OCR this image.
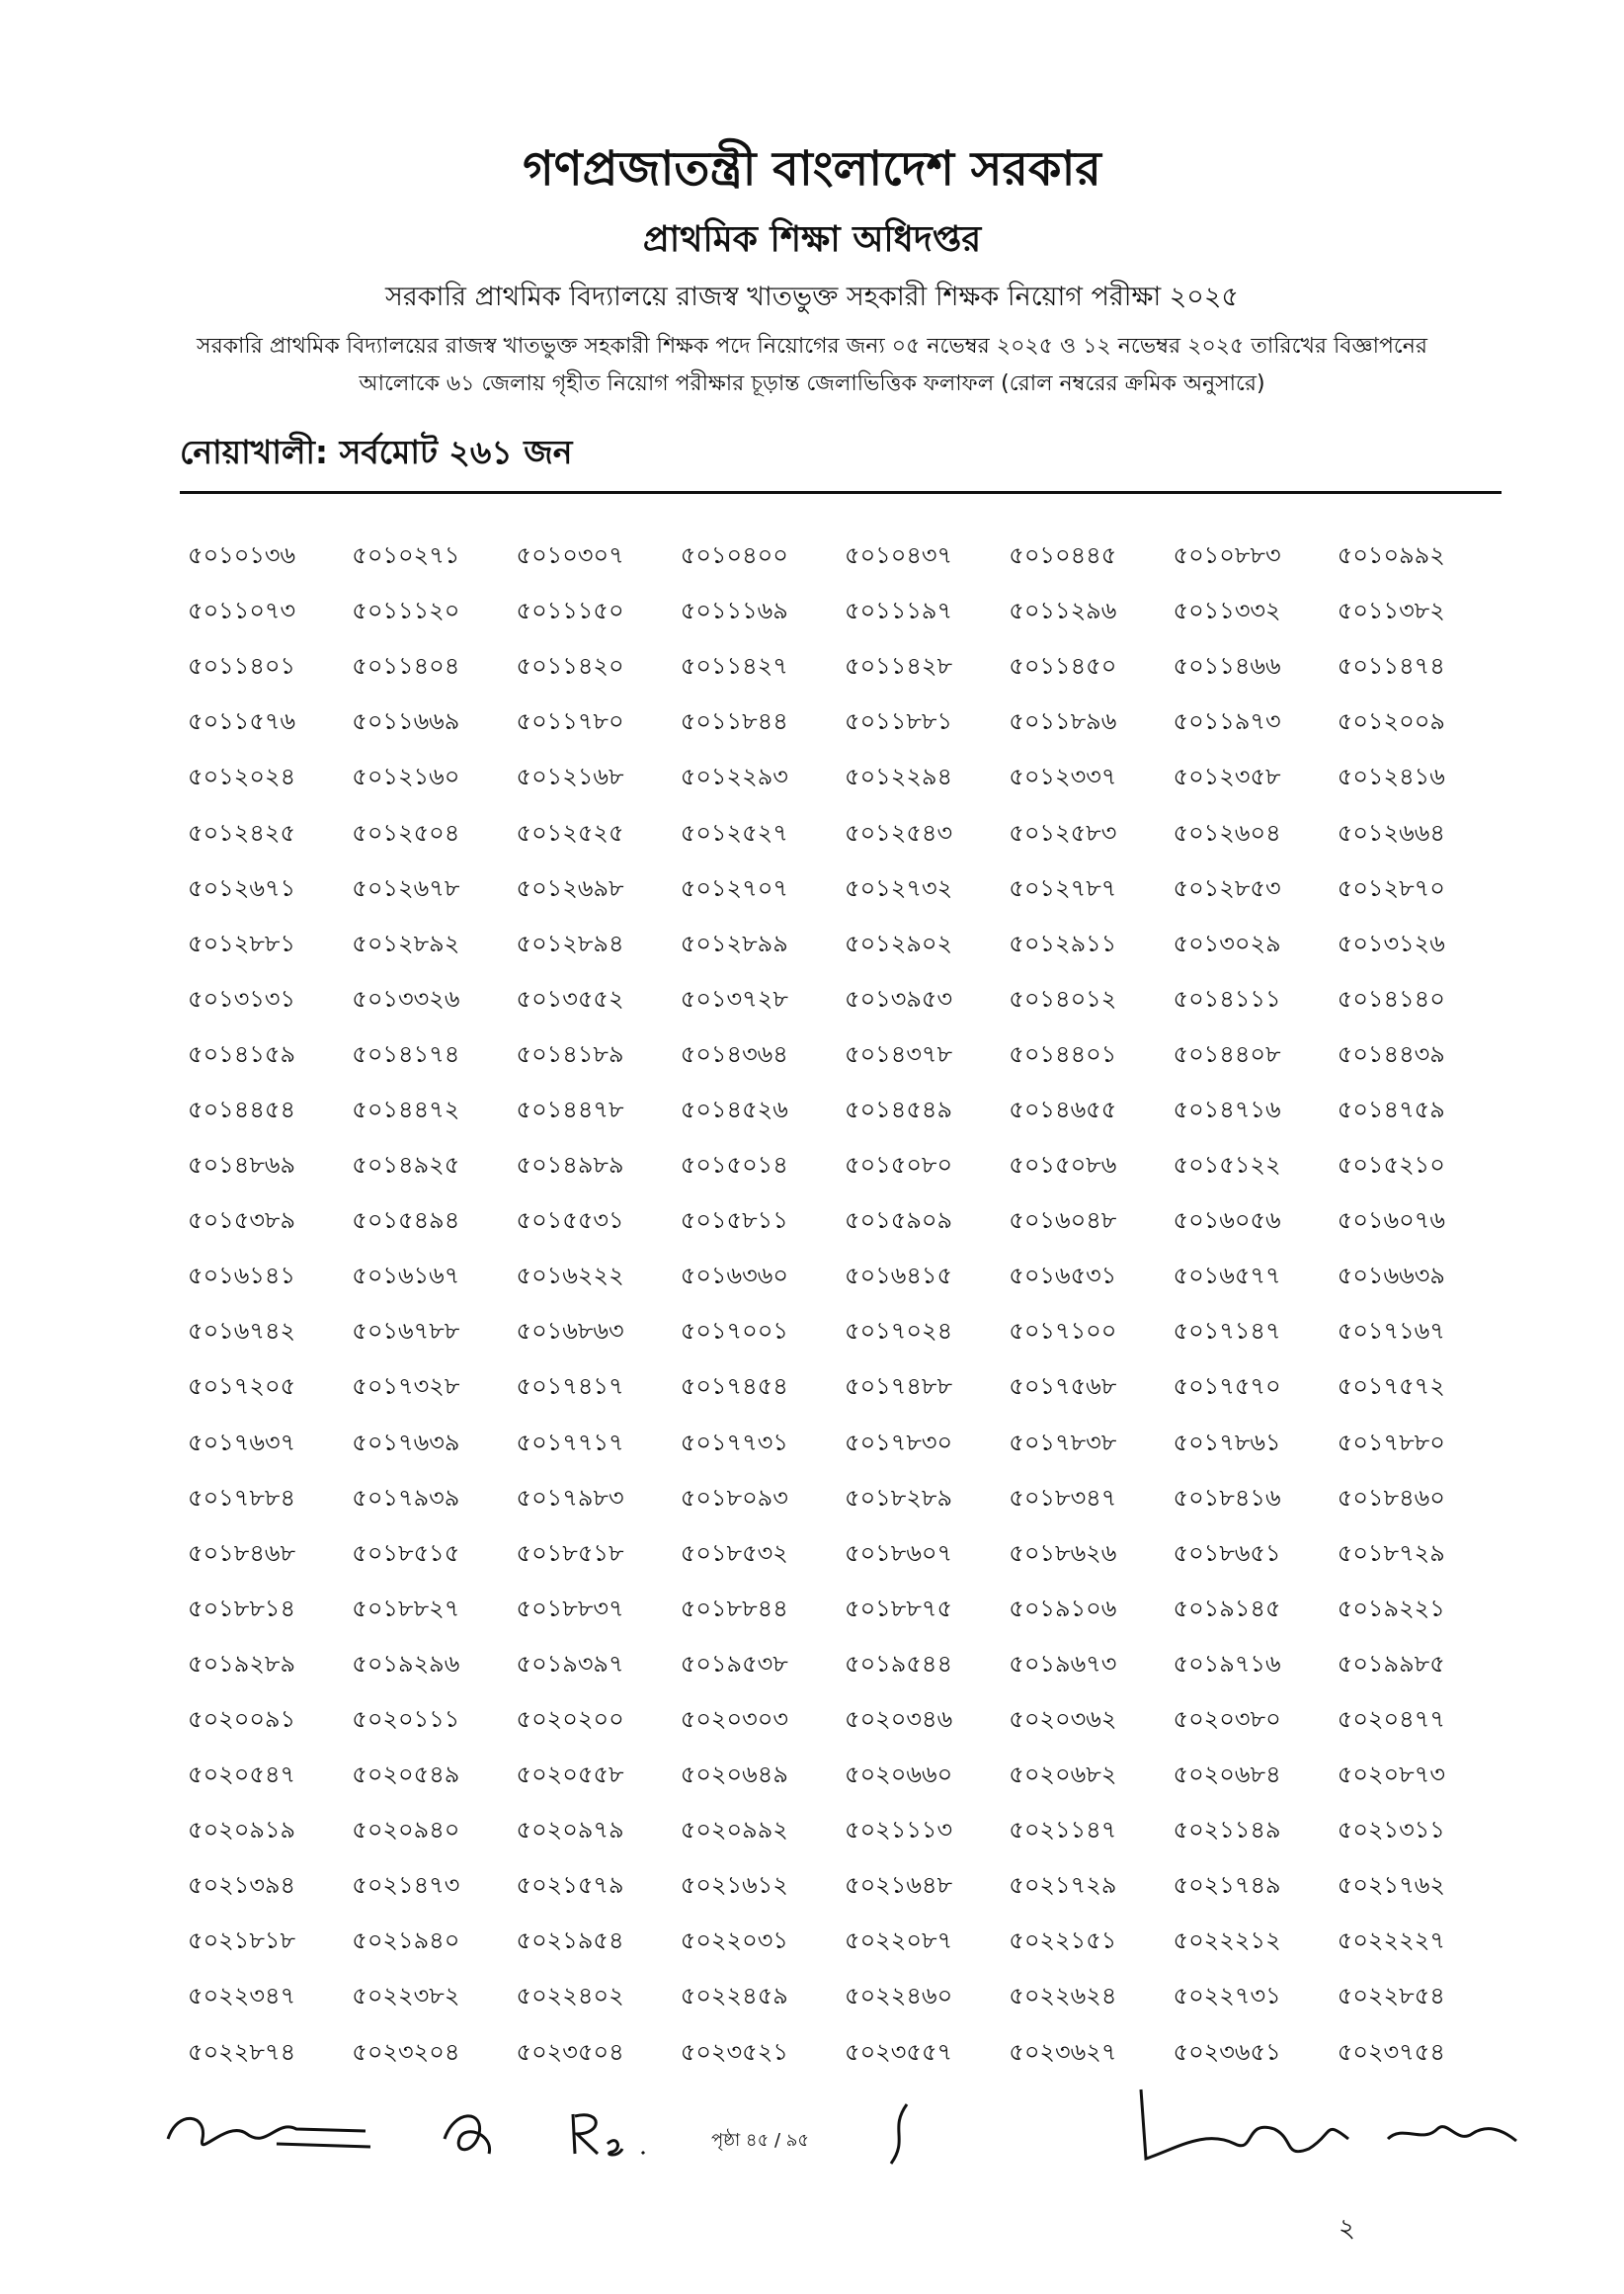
গণপ্রজাতন্ত্রী বাংলাদেশ সরকার
প্রাথমিক শিক্ষা অধিদপ্তর
সরকারি প্রাথমিক বিদ্যালয়ে রাজস্ব খাতভুক্ত সহকারী শিক্ষক নিয়োগ পরীক্ষা ২০২৫
সরকারি প্রাথমিক বিদ্যালয়ের রাজস্ব খাতভুক্ত সহকারী শিক্ষক পদে নিয়োগের জন্য ০৫ নভেম্বর ২০২৫ ও ১২ নভেম্বর ২০২৫ তারিখের বিজ্ঞাপনের
আলোকে ৬১ জেলায় গৃহীত নিয়োগ পরীক্ষার চূড়ান্ত জেলাভিত্তিক ফলাফল (রোল নম্বরের ক্রমিক অনুসারে)
নোয়াখালী: সর্বমোট ২৬১ জন
৫০১০১৩৬	৫০১০২৭১	৫০১০৩০৭	৫০১০৪০০	৫০১০৪৩৭	৫০১০৪৪৫	৫০১০৮৮৩	৫০১০৯৯২
৫০১১০৭৩	৫০১১১২০	৫০১১১৫০	৫০১১১৬৯	৫০১১১৯৭	৫০১১২৯৬	৫০১১৩৩২	৫০১১৩৮২
৫০১১৪০১	৫০১১৪০৪	৫০১১৪২০	৫০১১৪২৭	৫০১১৪২৮	৫০১১৪৫০	৫০১১৪৬৬	৫০১১৪৭৪
৫০১১৫৭৬	৫০১১৬৬৯	৫০১১৭৮০	৫০১১৮৪৪	৫০১১৮৮১	৫০১১৮৯৬	৫০১১৯৭৩	৫০১২০০৯
৫০১২০২৪	৫০১২১৬০	৫০১২১৬৮	৫০১২২৯৩	৫০১২২৯৪	৫০১২৩৩৭	৫০১২৩৫৮	৫০১২৪১৬
৫০১২৪২৫	৫০১২৫০৪	৫০১২৫২৫	৫০১২৫২৭	৫০১২৫৪৩	৫০১২৫৮৩	৫০১২৬০৪	৫০১২৬৬৪
৫০১২৬৭১	৫০১২৬৭৮	৫০১২৬৯৮	৫০১২৭০৭	৫০১২৭৩২	৫০১২৭৮৭	৫০১২৮৫৩	৫০১২৮৭০
৫০১২৮৮১	৫০১২৮৯২	৫০১২৮৯৪	৫০১২৮৯৯	৫০১২৯০২	৫০১২৯১১	৫০১৩০২৯	৫০১৩১২৬
৫০১৩১৩১	৫০১৩৩২৬	৫০১৩৫৫২	৫০১৩৭২৮	৫০১৩৯৫৩	৫০১৪০১২	৫০১৪১১১	৫০১৪১৪০
৫০১৪১৫৯	৫০১৪১৭৪	৫০১৪১৮৯	৫০১৪৩৬৪	৫০১৪৩৭৮	৫০১৪৪০১	৫০১৪৪০৮	৫০১৪৪৩৯
৫০১৪৪৫৪	৫০১৪৪৭২	৫০১৪৪৭৮	৫০১৪৫২৬	৫০১৪৫৪৯	৫০১৪৬৫৫	৫০১৪৭১৬	৫০১৪৭৫৯
৫০১৪৮৬৯	৫০১৪৯২৫	৫০১৪৯৮৯	৫০১৫০১৪	৫০১৫০৮০	৫০১৫০৮৬	৫০১৫১২২	৫০১৫২১০
৫০১৫৩৮৯	৫০১৫৪৯৪	৫০১৫৫৩১	৫০১৫৮১১	৫০১৫৯০৯	৫০১৬০৪৮	৫০১৬০৫৬	৫০১৬০৭৬
৫০১৬১৪১	৫০১৬১৬৭	৫০১৬২২২	৫০১৬৩৬০	৫০১৬৪১৫	৫০১৬৫৩১	৫০১৬৫৭৭	৫০১৬৬৩৯
৫০১৬৭৪২	৫০১৬৭৮৮	৫০১৬৮৬৩	৫০১৭০০১	৫০১৭০২৪	৫০১৭১০০	৫০১৭১৪৭	৫০১৭১৬৭
৫০১৭২০৫	৫০১৭৩২৮	৫০১৭৪১৭	৫০১৭৪৫৪	৫০১৭৪৮৮	৫০১৭৫৬৮	৫০১৭৫৭০	৫০১৭৫৭২
৫০১৭৬৩৭	৫০১৭৬৩৯	৫০১৭৭১৭	৫০১৭৭৩১	৫০১৭৮৩০	৫০১৭৮৩৮	৫০১৭৮৬১	৫০১৭৮৮০
৫০১৭৮৮৪	৫০১৭৯৩৯	৫০১৭৯৮৩	৫০১৮০৯৩	৫০১৮২৮৯	৫০১৮৩৪৭	৫০১৮৪১৬	৫০১৮৪৬০
৫০১৮৪৬৮	৫০১৮৫১৫	৫০১৮৫১৮	৫০১৮৫৩২	৫০১৮৬০৭	৫০১৮৬২৬	৫০১৮৬৫১	৫০১৮৭২৯
৫০১৮৮১৪	৫০১৮৮২৭	৫০১৮৮৩৭	৫০১৮৮৪৪	৫০১৮৮৭৫	৫০১৯১০৬	৫০১৯১৪৫	৫০১৯২২১
৫০১৯২৮৯	৫০১৯২৯৬	৫০১৯৩৯৭	৫০১৯৫৩৮	৫০১৯৫৪৪	৫০১৯৬৭৩	৫০১৯৭১৬	৫০১৯৯৮৫
৫০২০০৯১	৫০২০১১১	৫০২০২০০	৫০২০৩০৩	৫০২০৩৪৬	৫০২০৩৬২	৫০২০৩৮০	৫০২০৪৭৭
৫০২০৫৪৭	৫০২০৫৪৯	৫০২০৫৫৮	৫০২০৬৪৯	৫০২০৬৬০	৫০২০৬৮২	৫০২০৬৮৪	৫০২০৮৭৩
৫০২০৯১৯	৫০২০৯৪০	৫০২০৯৭৯	৫০২০৯৯২	৫০২১১১৩	৫০২১১৪৭	৫০২১১৪৯	৫০২১৩১১
৫০২১৩৯৪	৫০২১৪৭৩	৫০২১৫৭৯	৫০২১৬১২	৫০২১৬৪৮	৫০২১৭২৯	৫০২১৭৪৯	৫০২১৭৬২
৫০২১৮১৮	৫০২১৯৪০	৫০২১৯৫৪	৫০২২০৩১	৫০২২০৮৭	৫০২২১৫১	৫০২২২১২	৫০২২২২৭
৫০২২৩৪৭	৫০২২৩৮২	৫০২২৪০২	৫০২২৪৫৯	৫০২২৪৬০	৫০২২৬২৪	৫০২২৭৩১	৫০২২৮৫৪
৫০২২৮৭৪	৫০২৩২০৪	৫০২৩৫০৪	৫০২৩৫২১	৫০২৩৫৫৭	৫০২৩৬২৭	৫০২৩৬৫১	৫০২৩৭৫৪
পৃষ্ঠা ৪৫ / ৯৫
২
